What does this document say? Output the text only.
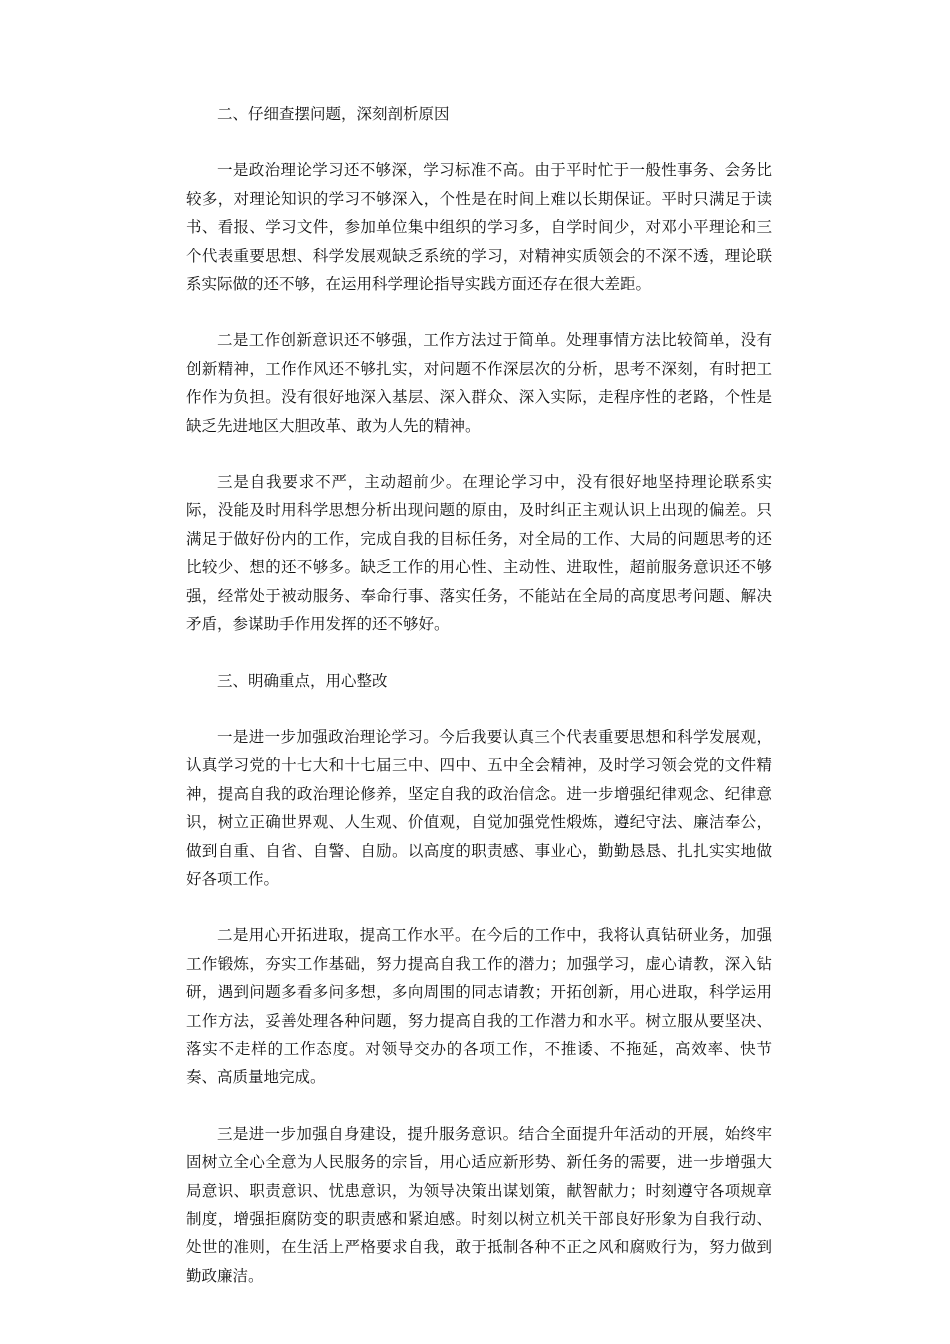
二、仔细查摆问题，深刻剖析原因

一是政治理论学习还不够深，学习标准不高。由于平时忙于一般性事务、会务比较多，对理论知识的学习不够深入，个性是在时间上难以长期保证。平时只满足于读书、看报、学习文件，参加单位集中组织的学习多，自学时间少，对邓小平理论和三个代表重要思想、科学发展观缺乏系统的学习，对精神实质领会的不深不透，理论联系实际做的还不够，在运用科学理论指导实践方面还存在很大差距。

二是工作创新意识还不够强，工作方法过于简单。处理事情方法比较简单，没有创新精神，工作作风还不够扎实，对问题不作深层次的分析，思考不深刻，有时把工作作为负担。没有很好地深入基层、深入群众、深入实际，走程序性的老路，个性是缺乏先进地区大胆改革、敢为人先的精神。

三是自我要求不严，主动超前少。在理论学习中，没有很好地坚持理论联系实际，没能及时用科学思想分析出现问题的原由，及时纠正主观认识上出现的偏差。只满足于做好份内的工作，完成自我的目标任务，对全局的工作、大局的问题思考的还比较少、想的还不够多。缺乏工作的用心性、主动性、进取性，超前服务意识还不够强，经常处于被动服务、奉命行事、落实任务，不能站在全局的高度思考问题、解决矛盾，参谋助手作用发挥的还不够好。

三、明确重点，用心整改

一是进一步加强政治理论学习。今后我要认真三个代表重要思想和科学发展观，认真学习党的十七大和十七届三中、四中、五中全会精神，及时学习领会党的文件精神，提高自我的政治理论修养，坚定自我的政治信念。进一步增强纪律观念、纪律意识，树立正确世界观、人生观、价值观，自觉加强党性煅炼，遵纪守法、廉洁奉公，做到自重、自省、自警、自励。以高度的职责感、事业心，勤勤恳恳、扎扎实实地做好各项工作。

二是用心开拓进取，提高工作水平。在今后的工作中，我将认真钻研业务，加强工作锻炼，夯实工作基础，努力提高自我工作的潜力；加强学习，虚心请教，深入钻研，遇到问题多看多问多想，多向周围的同志请教；开拓创新，用心进取，科学运用工作方法，妥善处理各种问题，努力提高自我的工作潜力和水平。树立服从要坚决、落实不走样的工作态度。对领导交办的各项工作，不推诿、不拖延，高效率、快节奏、高质量地完成。

三是进一步加强自身建设，提升服务意识。结合全面提升年活动的开展，始终牢固树立全心全意为人民服务的宗旨，用心适应新形势、新任务的需要，进一步增强大局意识、职责意识、忧患意识，为领导决策出谋划策，献智献力；时刻遵守各项规章制度，增强拒腐防变的职责感和紧迫感。时刻以树立机关干部良好形象为自我行动、处世的准则，在生活上严格要求自我，敢于抵制各种不正之风和腐败行为，努力做到勤政廉洁。
